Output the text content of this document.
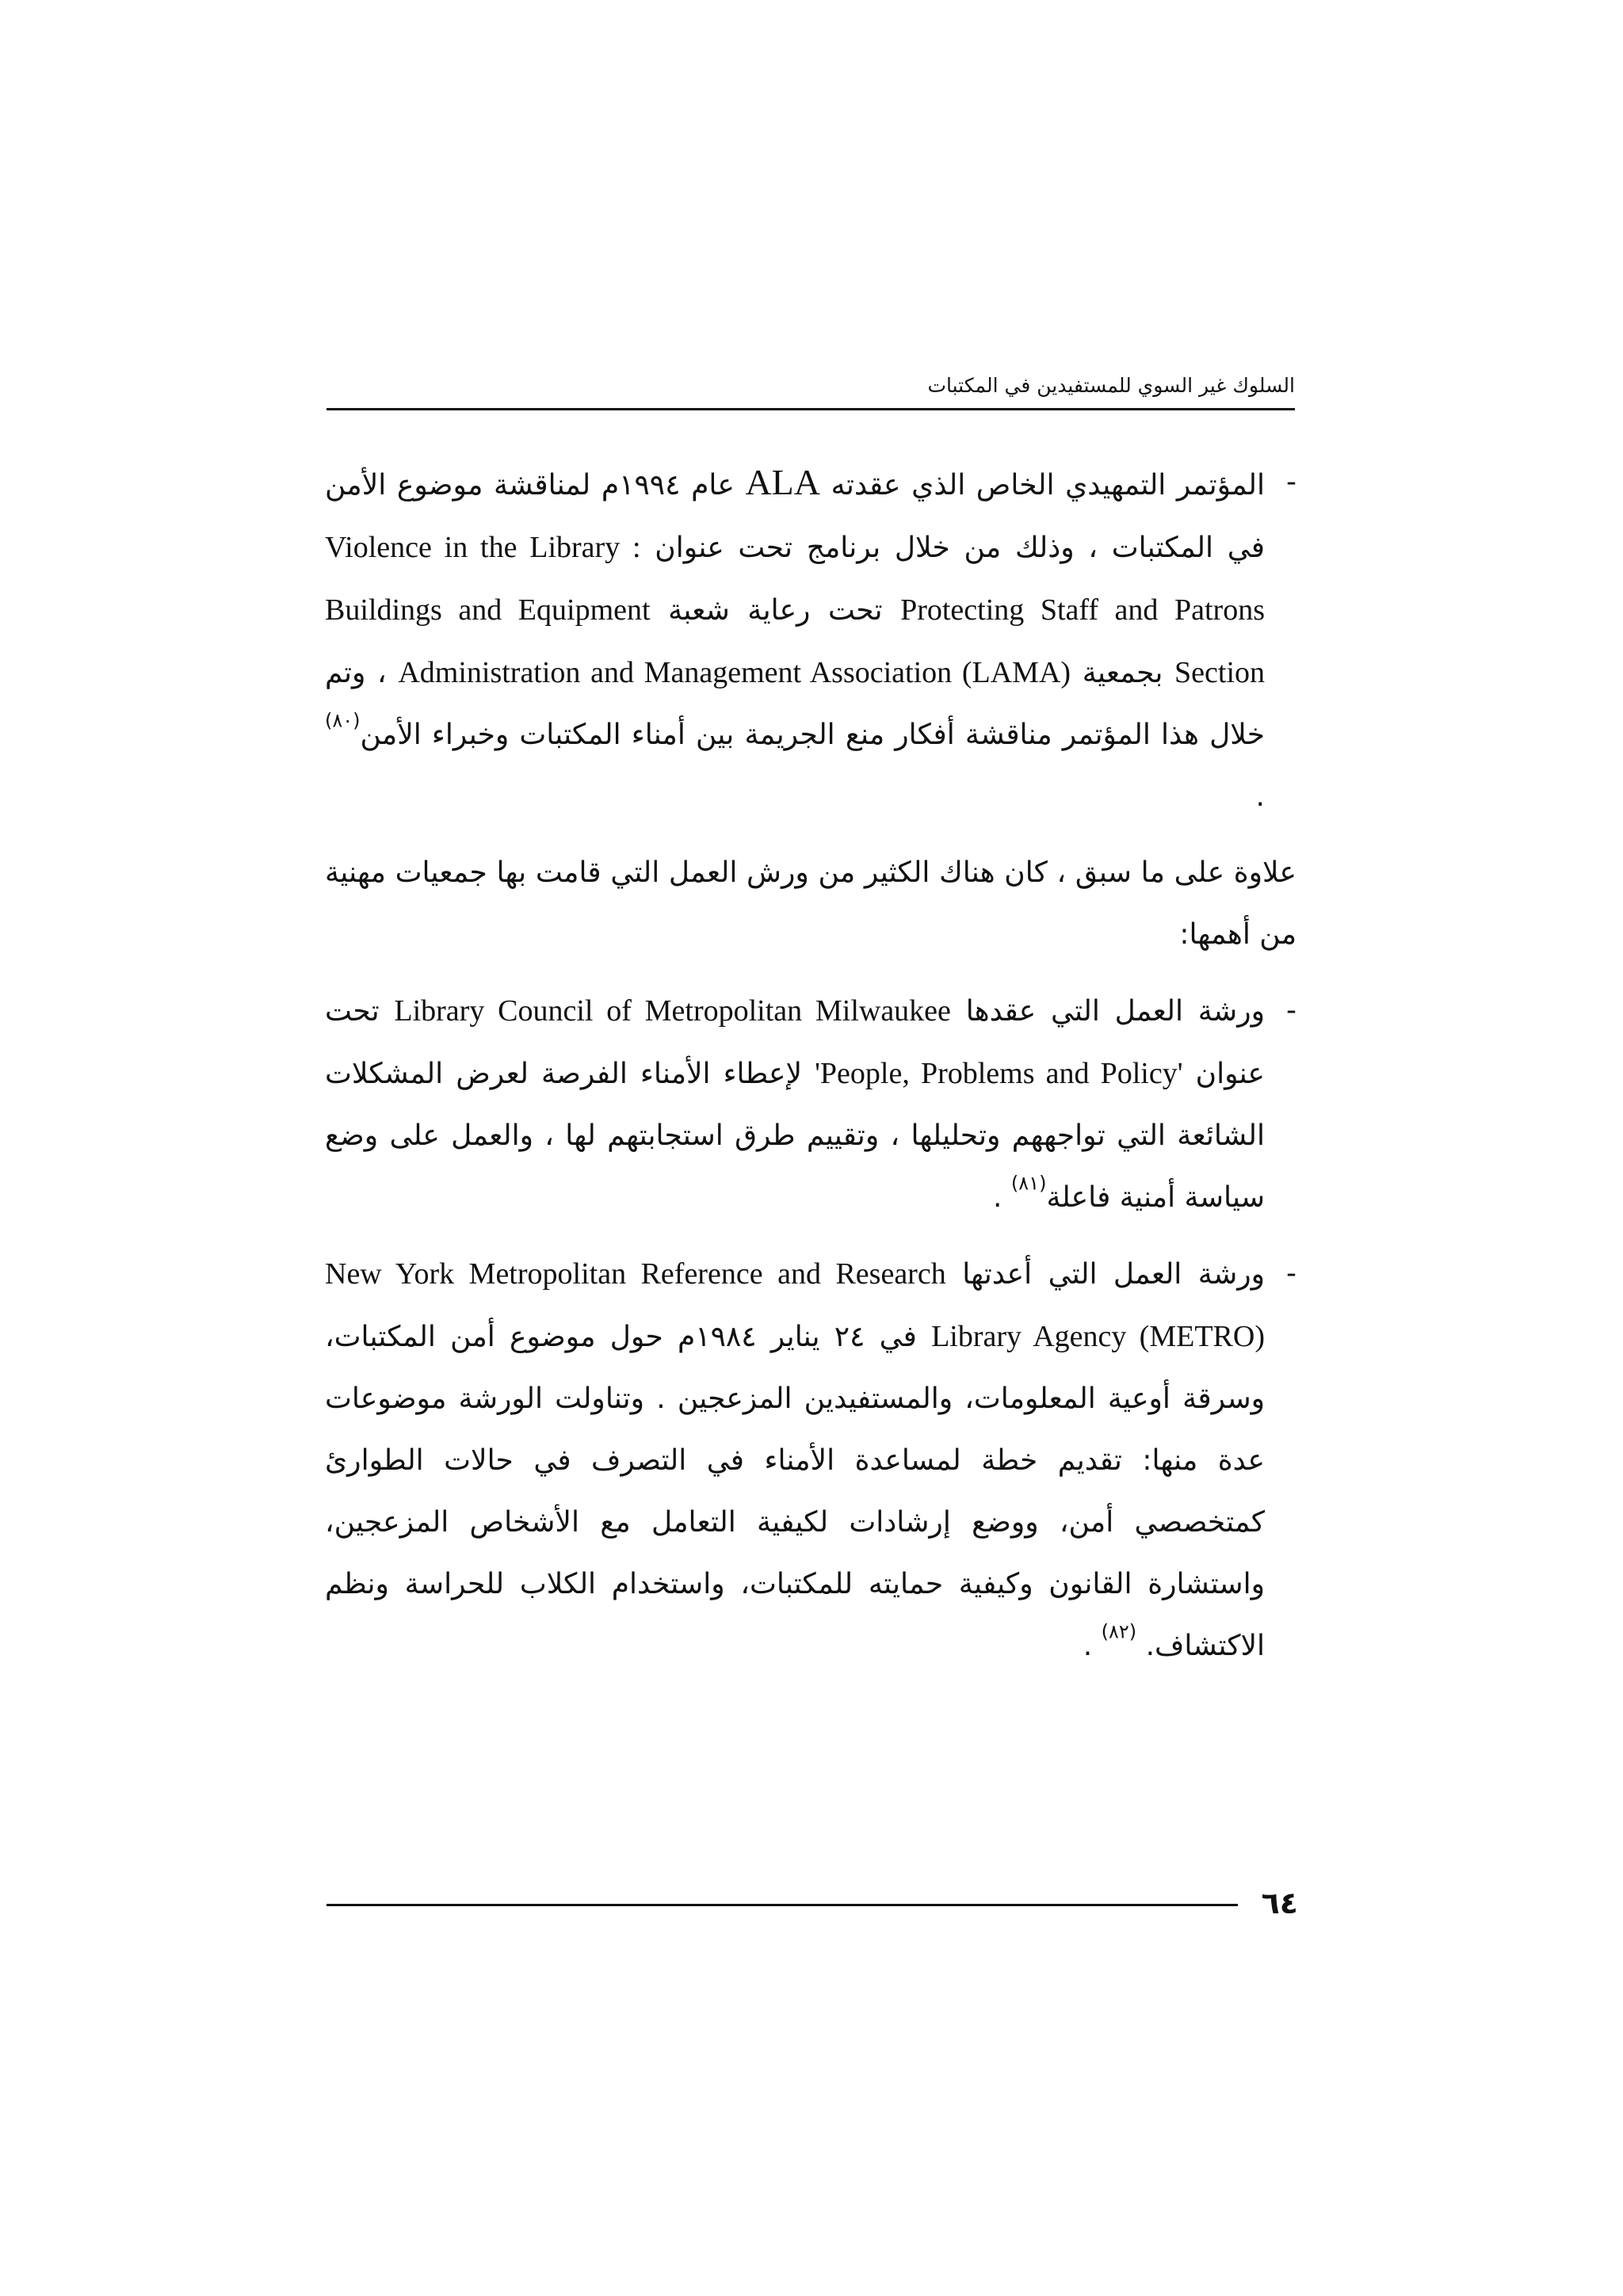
السلوك غير السوي للمستفيدين في المكتبات
-
المؤتمر التمهيدي الخاص الذي عقدته ALA عام ١٩٩٤م لمناقشة موضوع الأمن في المكتبات ، وذلك من خلال برنامج تحت عنوان Violence in the Library : Protecting Staff and Patrons تحت رعاية شعبة Buildings and Equipment Section بجمعية Administration and Management Association (LAMA) ، وتم خلال هذا المؤتمر مناقشة أفكار منع الجريمة بين أمناء المكتبات وخبراء الأمن$^{(٨٠)}$ .

علاوة على ما سبق ، كان هناك الكثير من ورش العمل التي قامت بها جمعيات مهنية من أهمها:

-
ورشة العمل التي عقدها Library Council of Metropolitan Milwaukee تحت عنوان 'People, Problems and Policy' لإعطاء الأمناء الفرصة لعرض المشكلات الشائعة التي تواجههم وتحليلها ، وتقييم طرق استجابتهم لها ، والعمل على وضع سياسة أمنية فاعلة$^{(٨١)}$ .
-
ورشة العمل التي أعدتها New York Metropolitan Reference and Research Library Agency (METRO) في ٢٤ يناير ١٩٨٤م حول موضوع أمن المكتبات، وسرقة أوعية المعلومات، والمستفيدين المزعجين . وتناولت الورشة موضوعات عدة منها: تقديم خطة لمساعدة الأمناء في التصرف في حالات الطوارئ كمتخصصي أمن، ووضع إرشادات لكيفية التعامل مع الأشخاص المزعجين، واستشارة القانون وكيفية حمايته للمكتبات، واستخدام الكلاب للحراسة ونظم الاكتشاف. $^{(٨٢)}$ .
٦٤
